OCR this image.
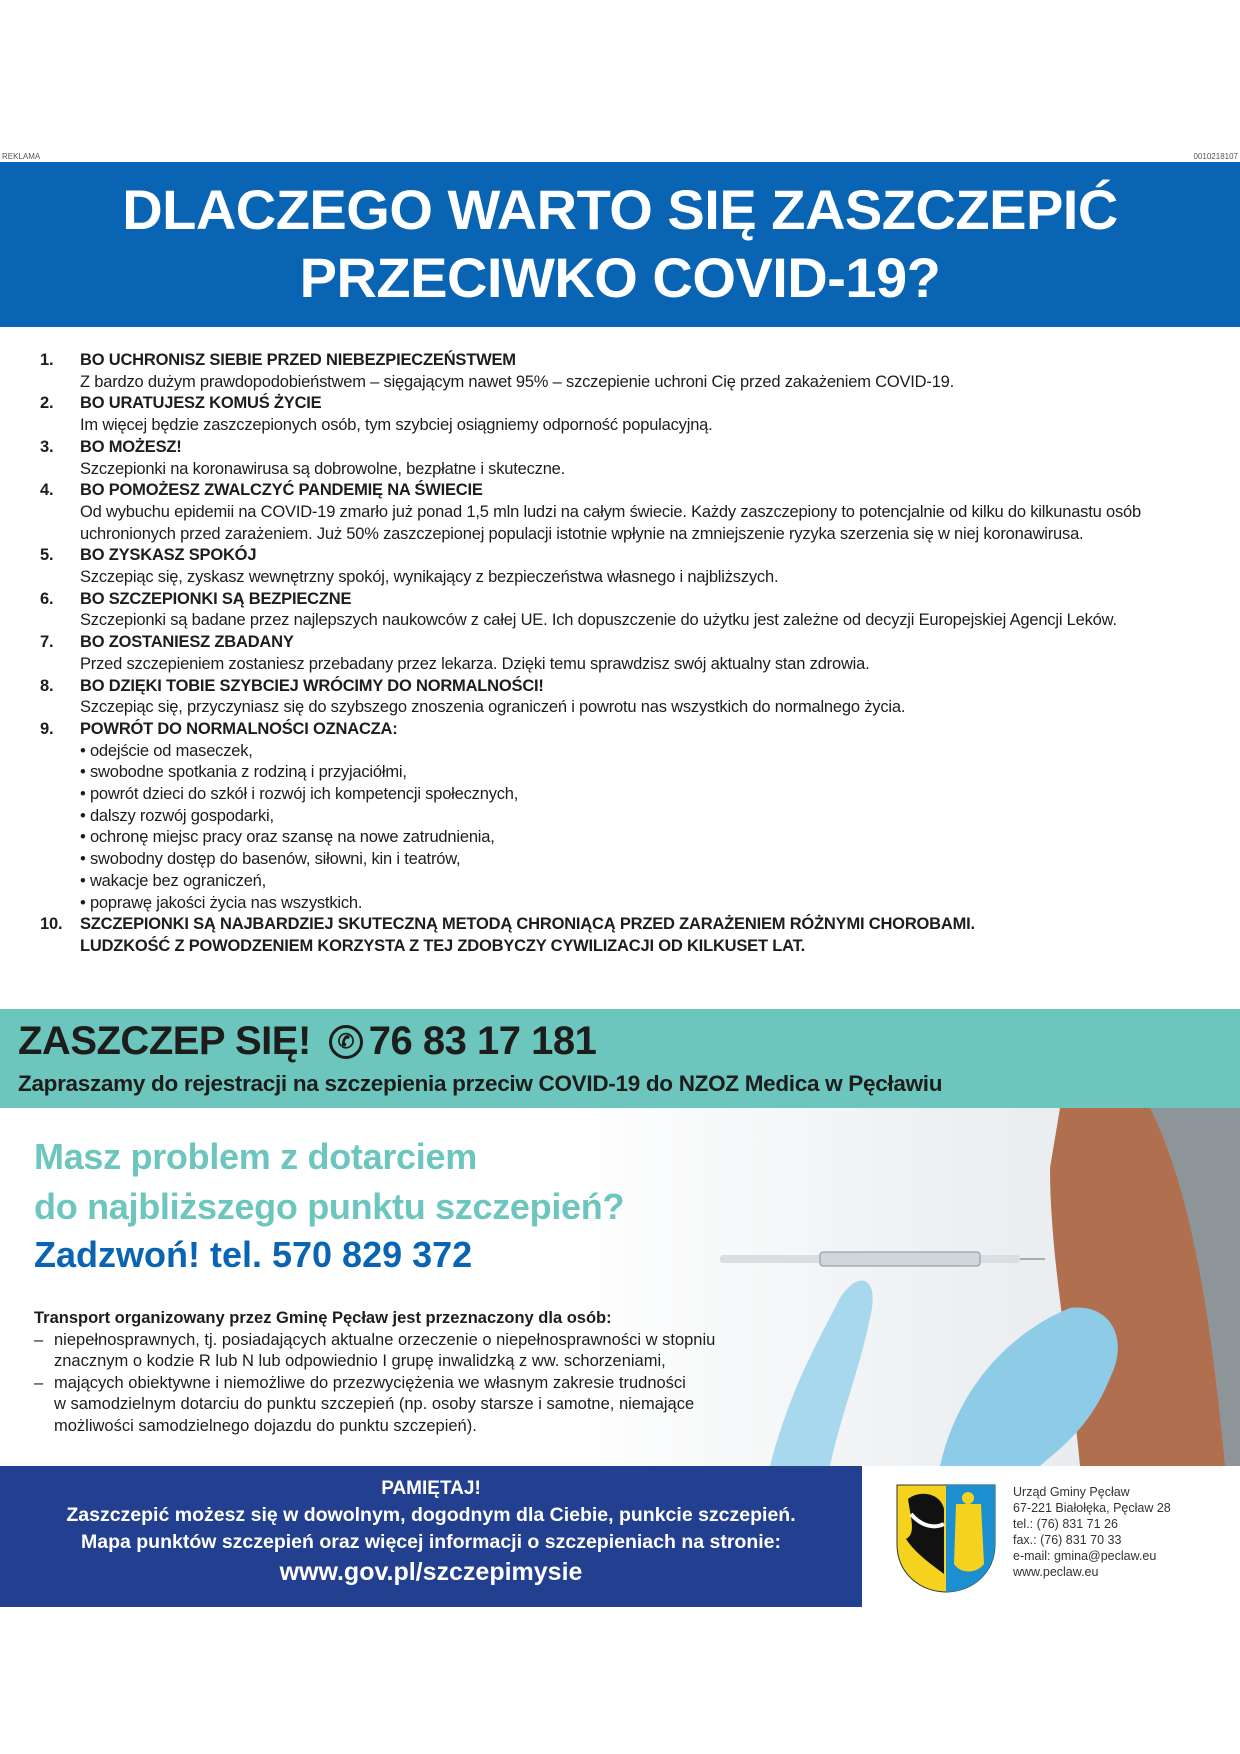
REKLAMA	0010218107
DLACZEGO WARTO SIĘ ZASZCZEPIĆ
PRZECIWKO COVID-19?
1.	BO UCHRONISZ SIEBIE PRZED NIEBEZPIECZEŃSTWEM
Z bardzo dużym prawdopodobieństwem – sięgającym nawet 95% – szczepienie uchroni Cię przed zakażeniem COVID-19.
2.	BO URATUJESZ KOMUŚ ŻYCIE
Im więcej będzie zaszczepionych osób, tym szybciej osiągniemy odporność populacyjną.
3.	BO MOŻESZ!
Szczepionki na koronawirusa są dobrowolne, bezpłatne i skuteczne.
4.	BO POMOŻESZ ZWALCZYĆ PANDEMIĘ NA ŚWIECIE
Od wybuchu epidemii na COVID-19 zmarło już ponad 1,5 mln ludzi na całym świecie. Każdy zaszczepiony to potencjalnie od kilku do kilkunastu osób uchronionych przed zarażeniem. Już 50% zaszczepionej populacji istotnie wpłynie na zmniejszenie ryzyka szerzenia się w niej koronawirusa.
5.	BO ZYSKASZ SPOKÓJ
Szczepiąc się, zyskasz wewnętrzny spokój, wynikający z bezpieczeństwa własnego i najbliższych.
6.	BO SZCZEPIONKI SĄ BEZPIECZNE
Szczepionki są badane przez najlepszych naukowców z całej UE. Ich dopuszczenie do użytku jest zależne od decyzji Europejskiej Agencji Leków.
7.	BO ZOSTANIESZ ZBADANY
Przed szczepieniem zostaniesz przebadany przez lekarza. Dzięki temu sprawdzisz swój aktualny stan zdrowia.
8.	BO DZIĘKI TOBIE SZYBCIEJ WRÓCIMY DO NORMALNOŚCI!
Szczepiąc się, przyczyniasz się do szybszego znoszenia ograniczeń i powrotu nas wszystkich do normalnego życia.
9.	POWRÓT DO NORMALNOŚCI OZNACZA:
• odejście od maseczek,
• swobodne spotkania z rodziną i przyjaciółmi,
• powrót dzieci do szkół i rozwój ich kompetencji społecznych,
• dalszy rozwój gospodarki,
• ochronę miejsc pracy oraz szansę na nowe zatrudnienia,
• swobodny dostęp do basenów, siłowni, kin i teatrów,
• wakacje bez ograniczeń,
• poprawę jakości życia nas wszystkich.
10.	SZCZEPIONKI SĄ NAJBARDZIEJ SKUTECZNĄ METODĄ CHRONIĄCĄ PRZED ZARAŻENIEM RÓŻNYMI CHOROBAMI.
LUDZKOŚĆ Z POWODZENIEM KORZYSTA Z TEJ ZDOBYCZY CYWILIZACJI OD KILKUSET LAT.
ZASZCZEP SIĘ!	✆ 76 83 17 181
Zapraszamy do rejestracji na szczepienia przeciw COVID-19 do NZOZ Medica w Pęcławiu
Masz problem z dotarciem
do najbliższego punktu szczepień?
Zadzwoń! tel. 570 829 372
Transport organizowany przez Gminę Pęcław jest przeznaczony dla osób:
– niepełnosprawnych, tj. posiadających aktualne orzeczenie o niepełnosprawności w stopniu
znacznym o kodzie R lub N lub odpowiednio I grupę inwalidzką z ww. schorzeniami,
– mających obiektywne i niemożliwe do przezwyciężenia we własnym zakresie trudności
w samodzielnym dotarciu do punktu szczepień (np. osoby starsze i samotne, niemające
możliwości samodzielnego dojazdu do punktu szczepień).
PAMIĘTAJ!
Zaszczepić możesz się w dowolnym, dogodnym dla Ciebie, punkcie szczepień.
Mapa punktów szczepień oraz więcej informacji o szczepieniach na stronie:
www.gov.pl/szczepimysie
Urząd Gminy Pęcław
67-221 Białołęka, Pęcław 28
tel.: (76) 831 71 26
fax.: (76) 831 70 33
e-mail: gmina@peclaw.eu
www.peclaw.eu
